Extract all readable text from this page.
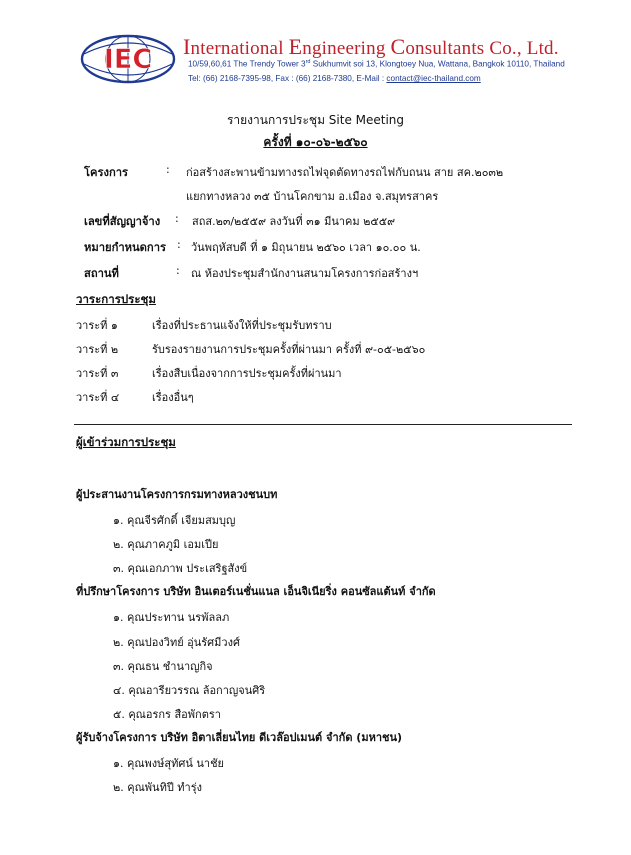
IEC International Engineering Consultants Co., Ltd.
10/59,60,61 The Trendy Tower 3rd Sukhumvit soi 13, Klongtoey Nua, Wattana, Bangkok 10110, Thailand
Tel: (66) 2168-7395-98, Fax : (66) 2168-7380, E-Mail : contact@iec-thailand.com
รายงานการประชุม Site Meeting
ครั้งที่ ๑๐-๐๖-๒๕๖๐
โครงการ	: ก่อสร้างสะพานข้ามทางรถไฟจุดตัดทางรถไฟกับถนน สาย สค.๒๐๓๒
แยกทางหลวง ๓๕ บ้านโคกขาม อ.เมือง จ.สมุทรสาคร
เลขที่สัญญาจ้าง : สถส.๒๓/๒๕๕๙ ลงวันที่ ๓๑ มีนาคม ๒๕๕๙
หมายกำหนดการ : วันพฤหัสบดี ที่ ๑ มิถุนายน ๒๕๖๐ เวลา ๑๐.๐๐ น.
สถานที่	: ณ ห้องประชุมสำนักงานสนามโครงการก่อสร้างฯ
วาระการประชุม
วาระที่ ๑	เรื่องที่ประธานแจ้งให้ที่ประชุมรับทราบ
วาระที่ ๒	รับรองรายงานการประชุมครั้งที่ผ่านมา ครั้งที่ ๙-๐๕-๒๕๖๐
วาระที่ ๓	เรื่องสืบเนื่องจากการประชุมครั้งที่ผ่านมา
วาระที่ ๔	เรื่องอื่นๆ
ผู้เข้าร่วมการประชุม
ผู้ประสานงานโครงการกรมทางหลวงชนบท
๑. คุณจีรศักดิ์ เจียมสมบุญ
๒. คุณภาคภูมิ เอมเปีย
๓. คุณเอกภาพ ประเสริฐสังข์
ที่ปรึกษาโครงการ บริษัท อินเตอร์เนชั่นแนล เอ็นจิเนียริ่ง คอนซัลแต้นท์ จำกัด
๑. คุณประทาน นรพัลลภ
๒. คุณปองวิทย์ อุ่นรัศมีวงศ์
๓. คุณธน ชำนาญกิจ
๔. คุณอารียวรรณ ล้อกาญจนศิริ
๕. คุณอรกร สือพักตรา
ผู้รับจ้างโครงการ บริษัท อิตาเลี่ยนไทย ดีเวล๊อปเมนต์ จำกัด (มหาชน)
๑. คุณพงษ์สุทัศน์ นาชัย
๒. คุณพันทิปี ทำรุ่ง
